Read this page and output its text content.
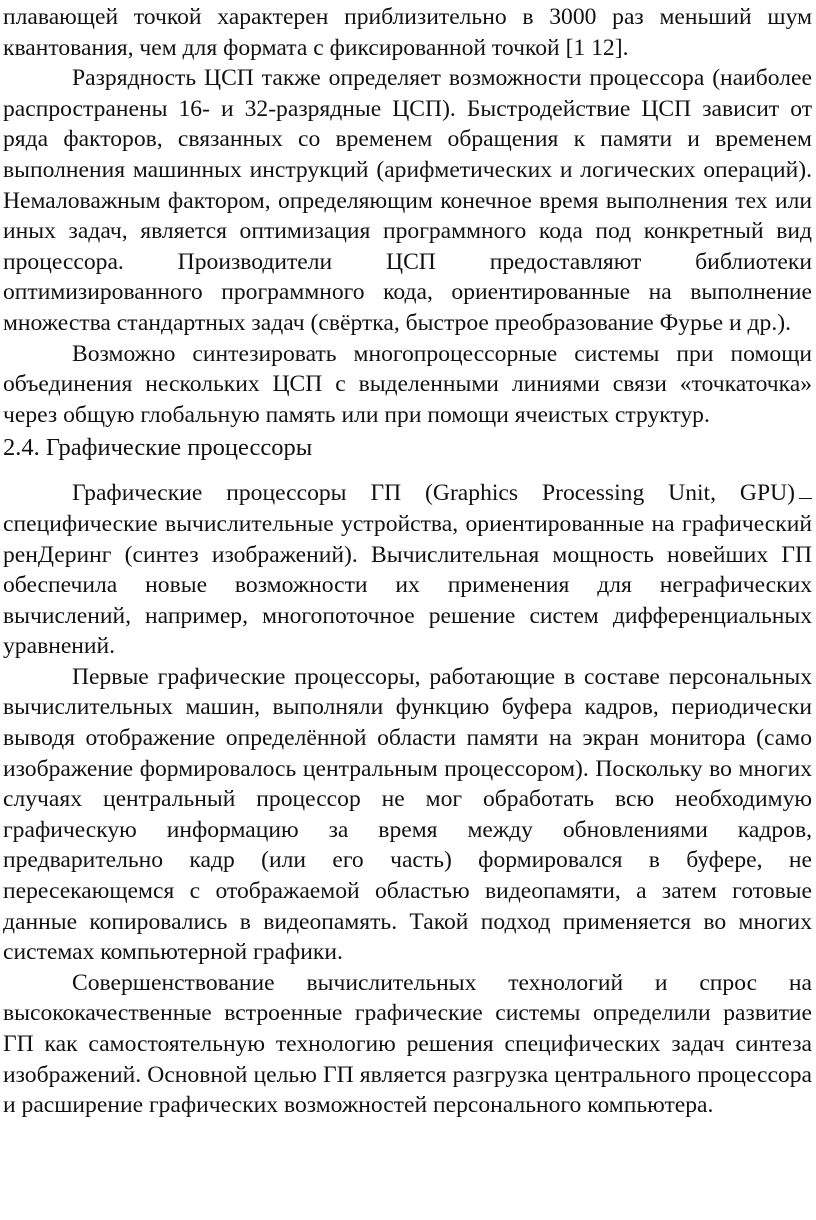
плавающей точкой характерен приблизительно в 3000 раз меньший шум квантования, чем для формата с фиксированной точкой [1 12].

Разрядность ЦСП также определяет возможности процессора (наиболее распространены 16- и 32-разрядные ЦСП). Быстродействие ЦСП зависит от ряда факторов, связанных со временем обращения к памяти и временем выполнения машинных инструкций (арифметических и логических операций). Немаловажным фактором, определяющим конечное время выполнения тех или иных задач, является оптимизация программного кода под конкретный вид процессора. Производители ЦСП предоставляют библиотеки оптимизированного программного кода, ориентированные на выполнение множества стандартных задач (свёртка, быстрое преобразование Фурье и др.).

Возможно синтезировать многопроцессорные системы при помощи объединения нескольких ЦСП с выделенными линиями связи «точкаточка» через общую глобальную память или при помощи ячеистых структур.

2.4. Графические процессоры

Графические процессоры ГП (Graphics Processing Unit, GPU) специфические вычислительные устройства, ориентированные на графический ренДеринг (синтез изображений). Вычислительная мощность новейших ГП обеспечила новые возможности их применения для неграфических вычислений, например, многопоточное решение систем дифференциальных уравнений.

Первые графические процессоры, работающие в составе персональных вычислительных машин, выполняли функцию буфера кадров, периодически выводя отображение определённой области памяти на экран монитора (само изображение формировалось центральным процессором). Поскольку во многих случаях центральный процессор не мог обработать всю необходимую графическую информацию за время между обновлениями кадров, предварительно кадр (или его часть) формировался в буфере, не пересекающемся с отображаемой областью видеопамяти, а затем готовые данные копировались в видеопамять. Такой подход применяется во многих системах компьютерной графики.

Совершенствование вычислительных технологий и спрос на высококачественные встроенные графические системы определили развитие ГП как самостоятельную технологию решения специфических задач синтеза изображений. Основной целью ГП является разгрузка центрального процессора и расширение графических возможностей персонального компьютера.
